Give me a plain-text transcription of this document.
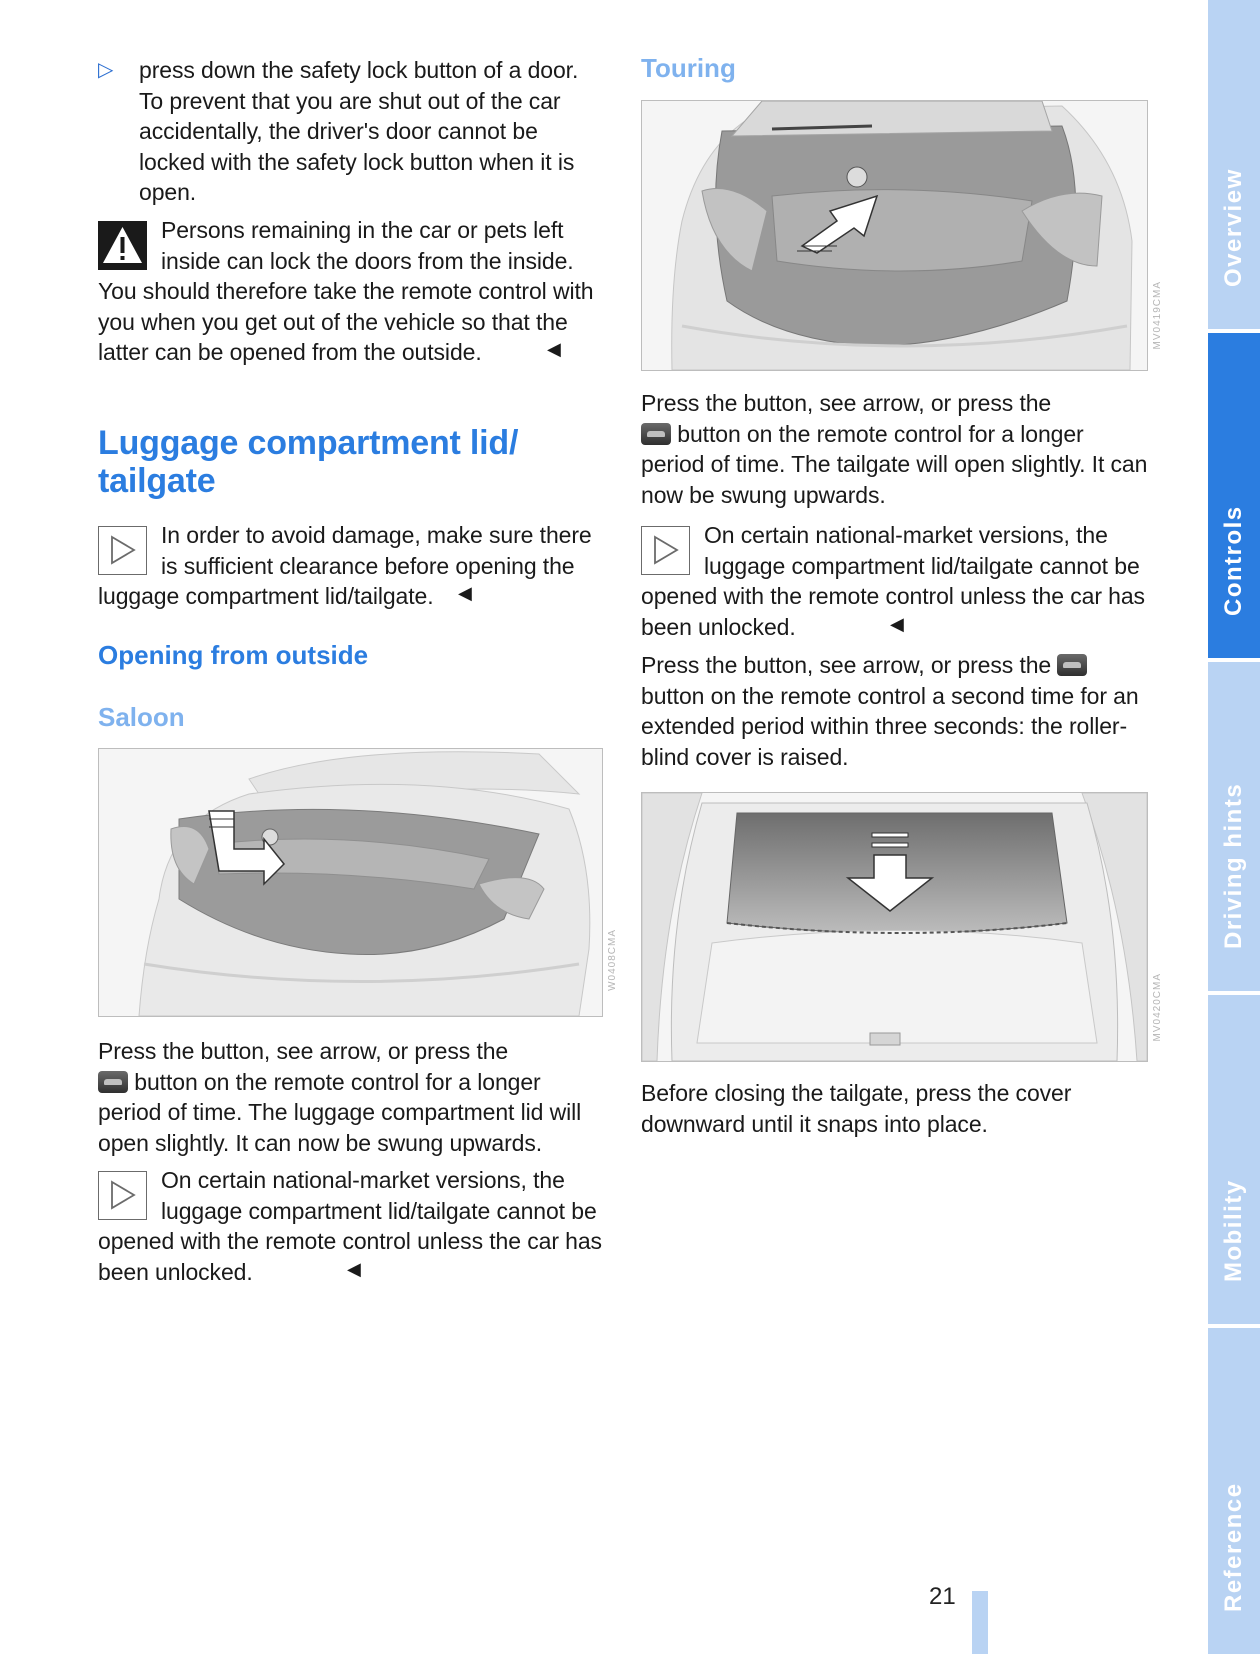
▷ press down the safety lock button of a door. To prevent that you are shut out of the car accidentally, the driver's door cannot be locked with the safety lock button when it is open.

Persons remaining in the car or pets left inside can lock the doors from the inside. You should therefore take the remote control with you when you get out of the vehicle so that the latter can be opened from the outside.	◀
Luggage compartment lid/
tailgate

In order to avoid damage, make sure there is sufficient clearance before opening the luggage compartment lid/tailgate.	◀
Opening from outside
Saloon
W0408CMA

Press the button, see arrow, or press the
button on the remote control for a longer period of time. The luggage compartment lid will open slightly. It can now be swung upwards.

On certain national-market versions, the luggage compartment lid/tailgate cannot be opened with the remote control unless the car has been unlocked.	◀
Touring
MV0419CMA

Press the button, see arrow, or press the
button on the remote control for a longer period of time. The tailgate will open slightly. It can now be swung upwards.

On certain national-market versions, the luggage compartment lid/tailgate cannot be opened with the remote control unless the car has been unlocked.	◀

Press the button, see arrow, or press the  button on the remote control a second time for an extended period within three seconds: the roller-blind cover is raised.

MV0420CMA

Before closing the tailgate, press the cover downward until it snaps into place.

Overview
Controls
Driving hints
Mobility
Reference
21
